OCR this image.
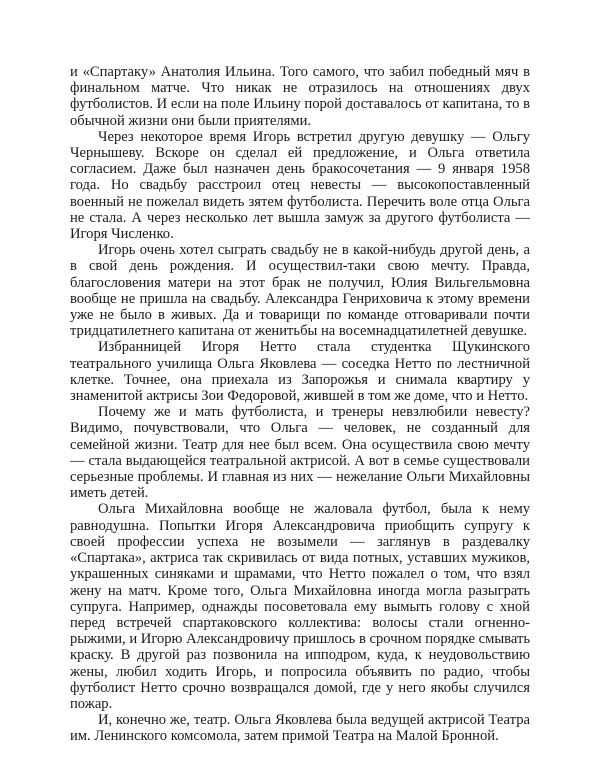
и «Спартаку» Анатолия Ильина. Того самого, что забил победный мяч в финальном матче. Что никак не отразилось на отношениях двух футболистов. И если на поле Ильину порой доставалось от капитана, то в обычной жизни они были приятелями.

Через некоторое время Игорь встретил другую девушку — Ольгу Чернышеву. Вскоре он сделал ей предложение, и Ольга ответила согласием. Даже был назначен день бракосочетания — 9 января 1958 года. Но свадьбу расстроил отец невесты — высокопоставленный военный не пожелал видеть зятем футболиста. Перечить воле отца Ольга не стала. А через несколько лет вышла замуж за другого футболиста — Игоря Численко.

Игорь очень хотел сыграть свадьбу не в какой-нибудь другой день, а в свой день рождения. И осуществил-таки свою мечту. Правда, благословения матери на этот брак не получил, Юлия Вильгельмовна вообще не пришла на свадьбу. Александра Генриховича к этому времени уже не было в живых. Да и товарищи по команде отговаривали почти тридцатилетнего капитана от женитьбы на восемнадцатилетней девушке.

Избранницей Игоря Нетто стала студентка Щукинского театрального училища Ольга Яковлева — соседка Нетто по лестничной клетке. Точнее, она приехала из Запорожья и снимала квартиру у знаменитой актрисы Зои Федоровой, жившей в том же доме, что и Нетто.

Почему же и мать футболиста, и тренеры невзлюбили невесту? Видимо, почувствовали, что Ольга — человек, не созданный для семейной жизни. Театр для нее был всем. Она осуществила свою мечту — стала выдающейся театральной актрисой. А вот в семье существовали серьезные проблемы. И главная из них — нежелание Ольги Михайловны иметь детей.

Ольга Михайловна вообще не жаловала футбол, была к нему равнодушна. Попытки Игоря Александровича приобщить супругу к своей профессии успеха не возымели — заглянув в раздевалку «Спартака», актриса так скривилась от вида потных, уставших мужиков, украшенных синяками и шрамами, что Нетто пожалел о том, что взял жену на матч. Кроме того, Ольга Михайловна иногда могла разыграть супруга. Например, однажды посоветовала ему вымыть голову с хной перед встречей спартаковского коллектива: волосы стали огненно-рыжими, и Игорю Александровичу пришлось в срочном порядке смывать краску. В другой раз позвонила на ипподром, куда, к неудовольствию жены, любил ходить Игорь, и попросила объявить по радио, чтобы футболист Нетто срочно возвращался домой, где у него якобы случился пожар.

И, конечно же, театр. Ольга Яковлева была ведущей актрисой Театра им. Ленинского комсомола, затем примой Театра на Малой Бронной.
